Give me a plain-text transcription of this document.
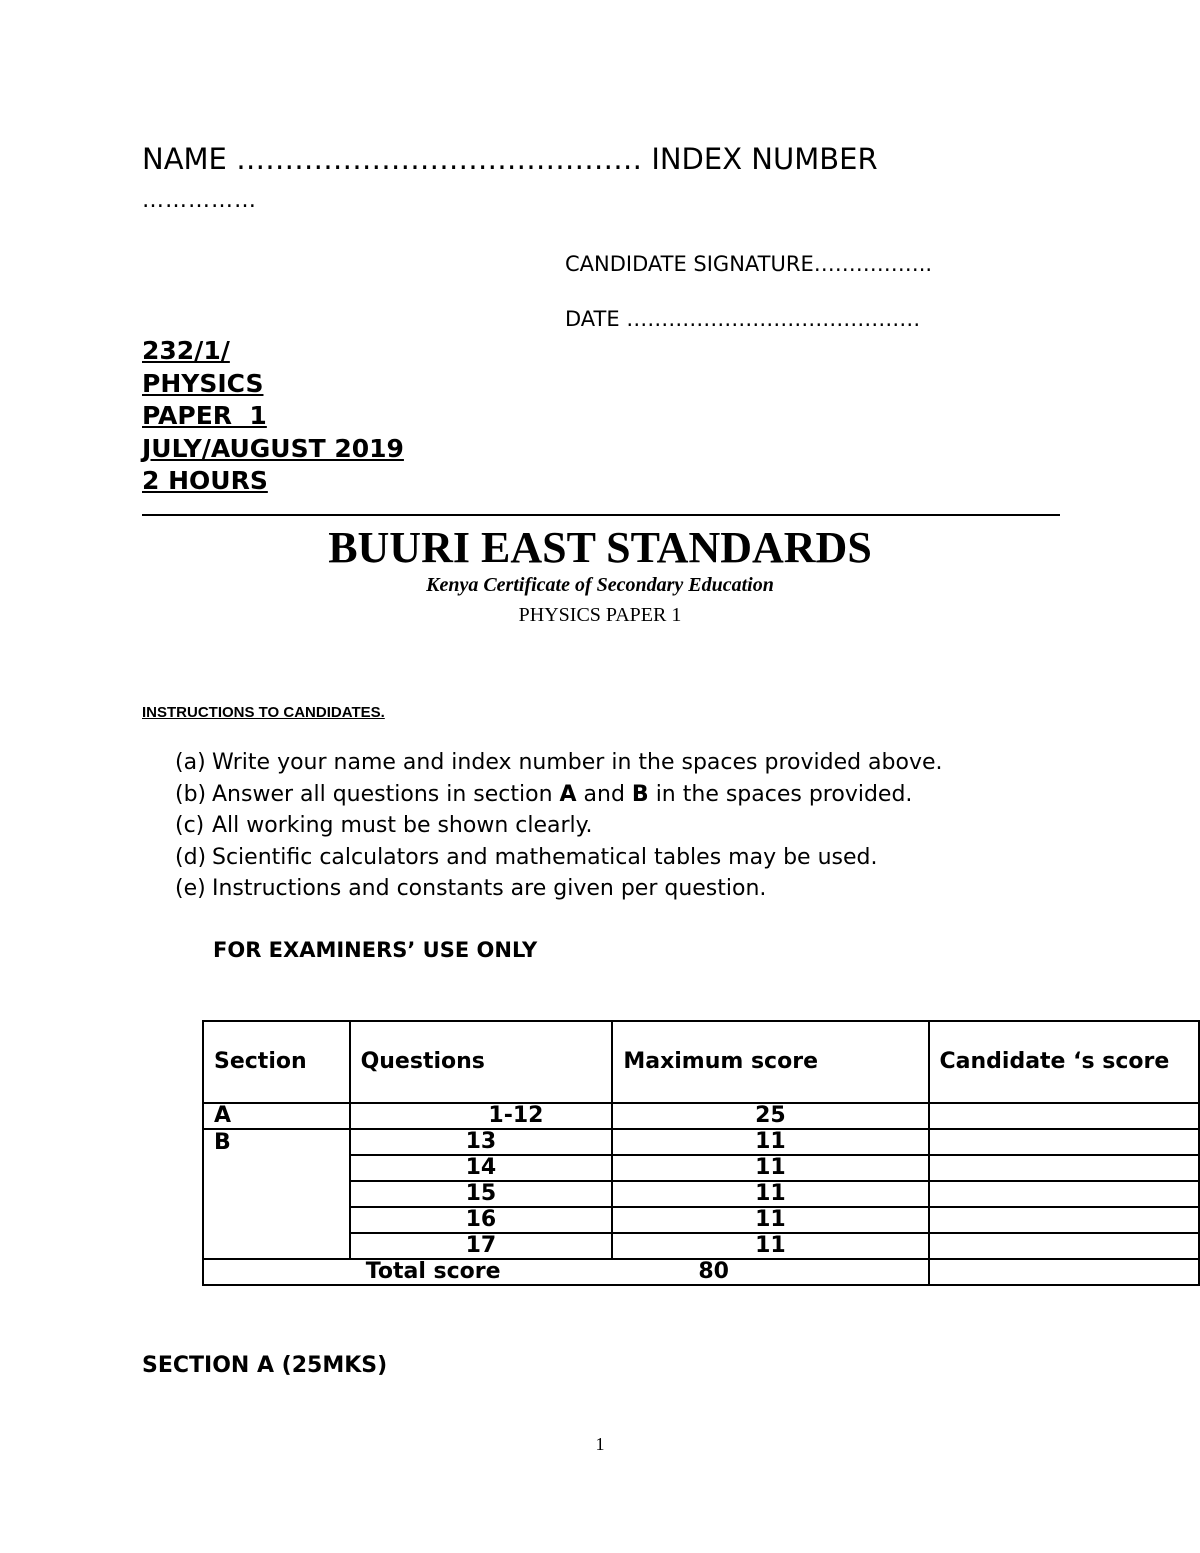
NAME …………………………………… INDEX NUMBER
……………
CANDIDATE SIGNATURE……………..
DATE ……………………………………
232/1/
PHYSICS
PAPER  1
JULY/AUGUST 2019
2 HOURS
BUURI EAST STANDARDS
Kenya Certificate of Secondary Education
PHYSICS PAPER 1
INSTRUCTIONS TO CANDIDATES.
(a) Write your name and index number in the spaces provided above.
(b) Answer all questions in section A and B in the spaces provided.
(c) All working must be shown clearly.
(d) Scientific calculators and mathematical tables may be used.
(e) Instructions and constants are given per question.
FOR EXAMINERS’ USE ONLY
Section	Questions	Maximum score	Candidate ‘s score
A	1-12	25	
B	13	11	
	14	11	
	15	11	
	16	11	
	17	11	
Total score		80	
SECTION A (25MKS)
1
